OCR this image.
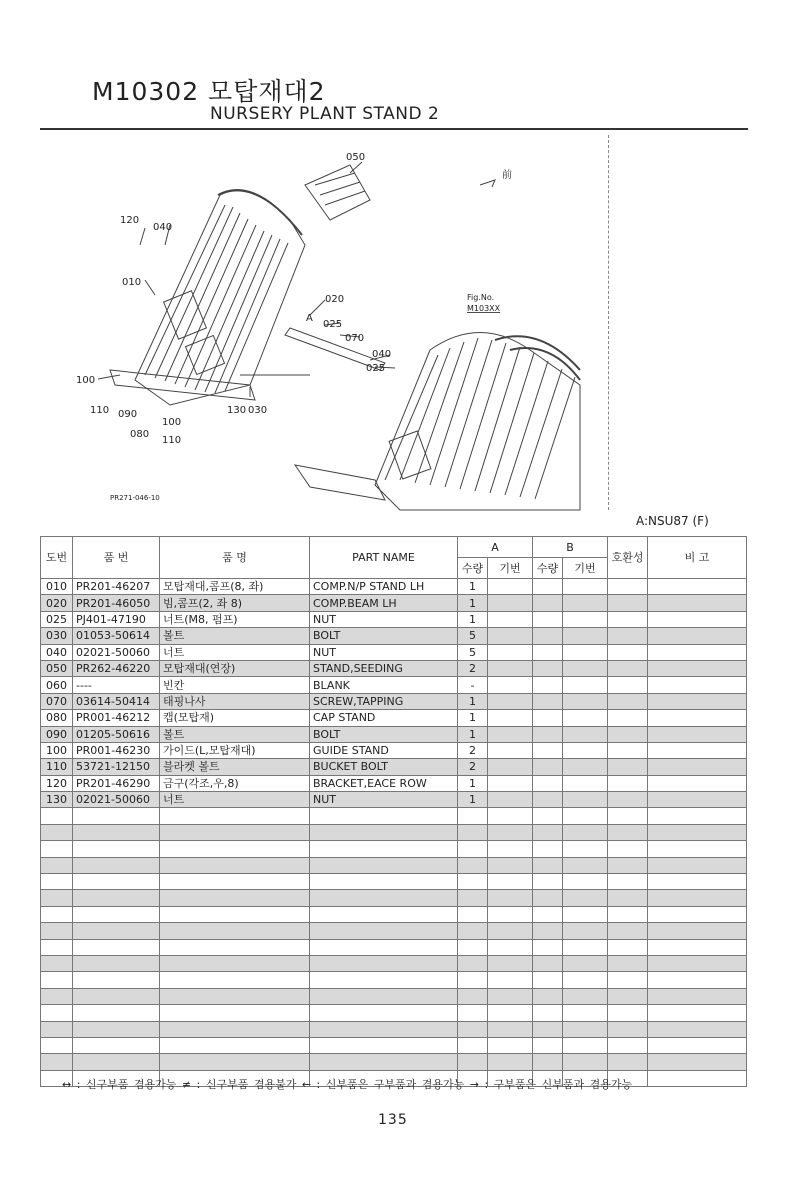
M10302 모탑재대2
NURSERY PLANT STAND 2
050
120
040
010
020
025
070
040
025
100
110 090
080
100
110
130 030
前
Fig.No.
M103XX
A
PR271-046-10
A:NSU87 (F)
도번	품 번	품 명	PART NAME	A		B		호환성	비 고
				수량	기번	수량	기번		
010	PR201-46207	모탑재대,콤프(8, 좌)	COMP.N/P STAND LH	1					
020	PR201-46050	빔,콤프(2, 좌 8)	COMP.BEAM LH	1					
025	PJ401-47190	너트(M8, 펌프)	NUT	1					
030	01053-50614	볼트	BOLT	5					
040	02021-50060	너트	NUT	5					
050	PR262-46220	모탑재대(연장)	STAND,SEEDING	2					
060	----	빈칸	BLANK	-					
070	03614-50414	태핑나사	SCREW,TAPPING	1					
080	PR001-46212	캡(모탑재)	CAP STAND	1					
090	01205-50616	볼트	BOLT	1					
100	PR001-46230	가이드(L,모탑재대)	GUIDE STAND	2					
110	53721-12150	블라켓 볼트	BUCKET BOLT	2					
120	PR201-46290	금구(각조,우,8)	BRACKET,EACE ROW	1					
130	02021-50060	너트	NUT	1					

↔ : 신구부품 겸용가능 ≠ : 신구부품 겸용불가 ← : 신부품은 구부품과 겸용가능 → : 구부품은 신부품과 겸용가능
135
